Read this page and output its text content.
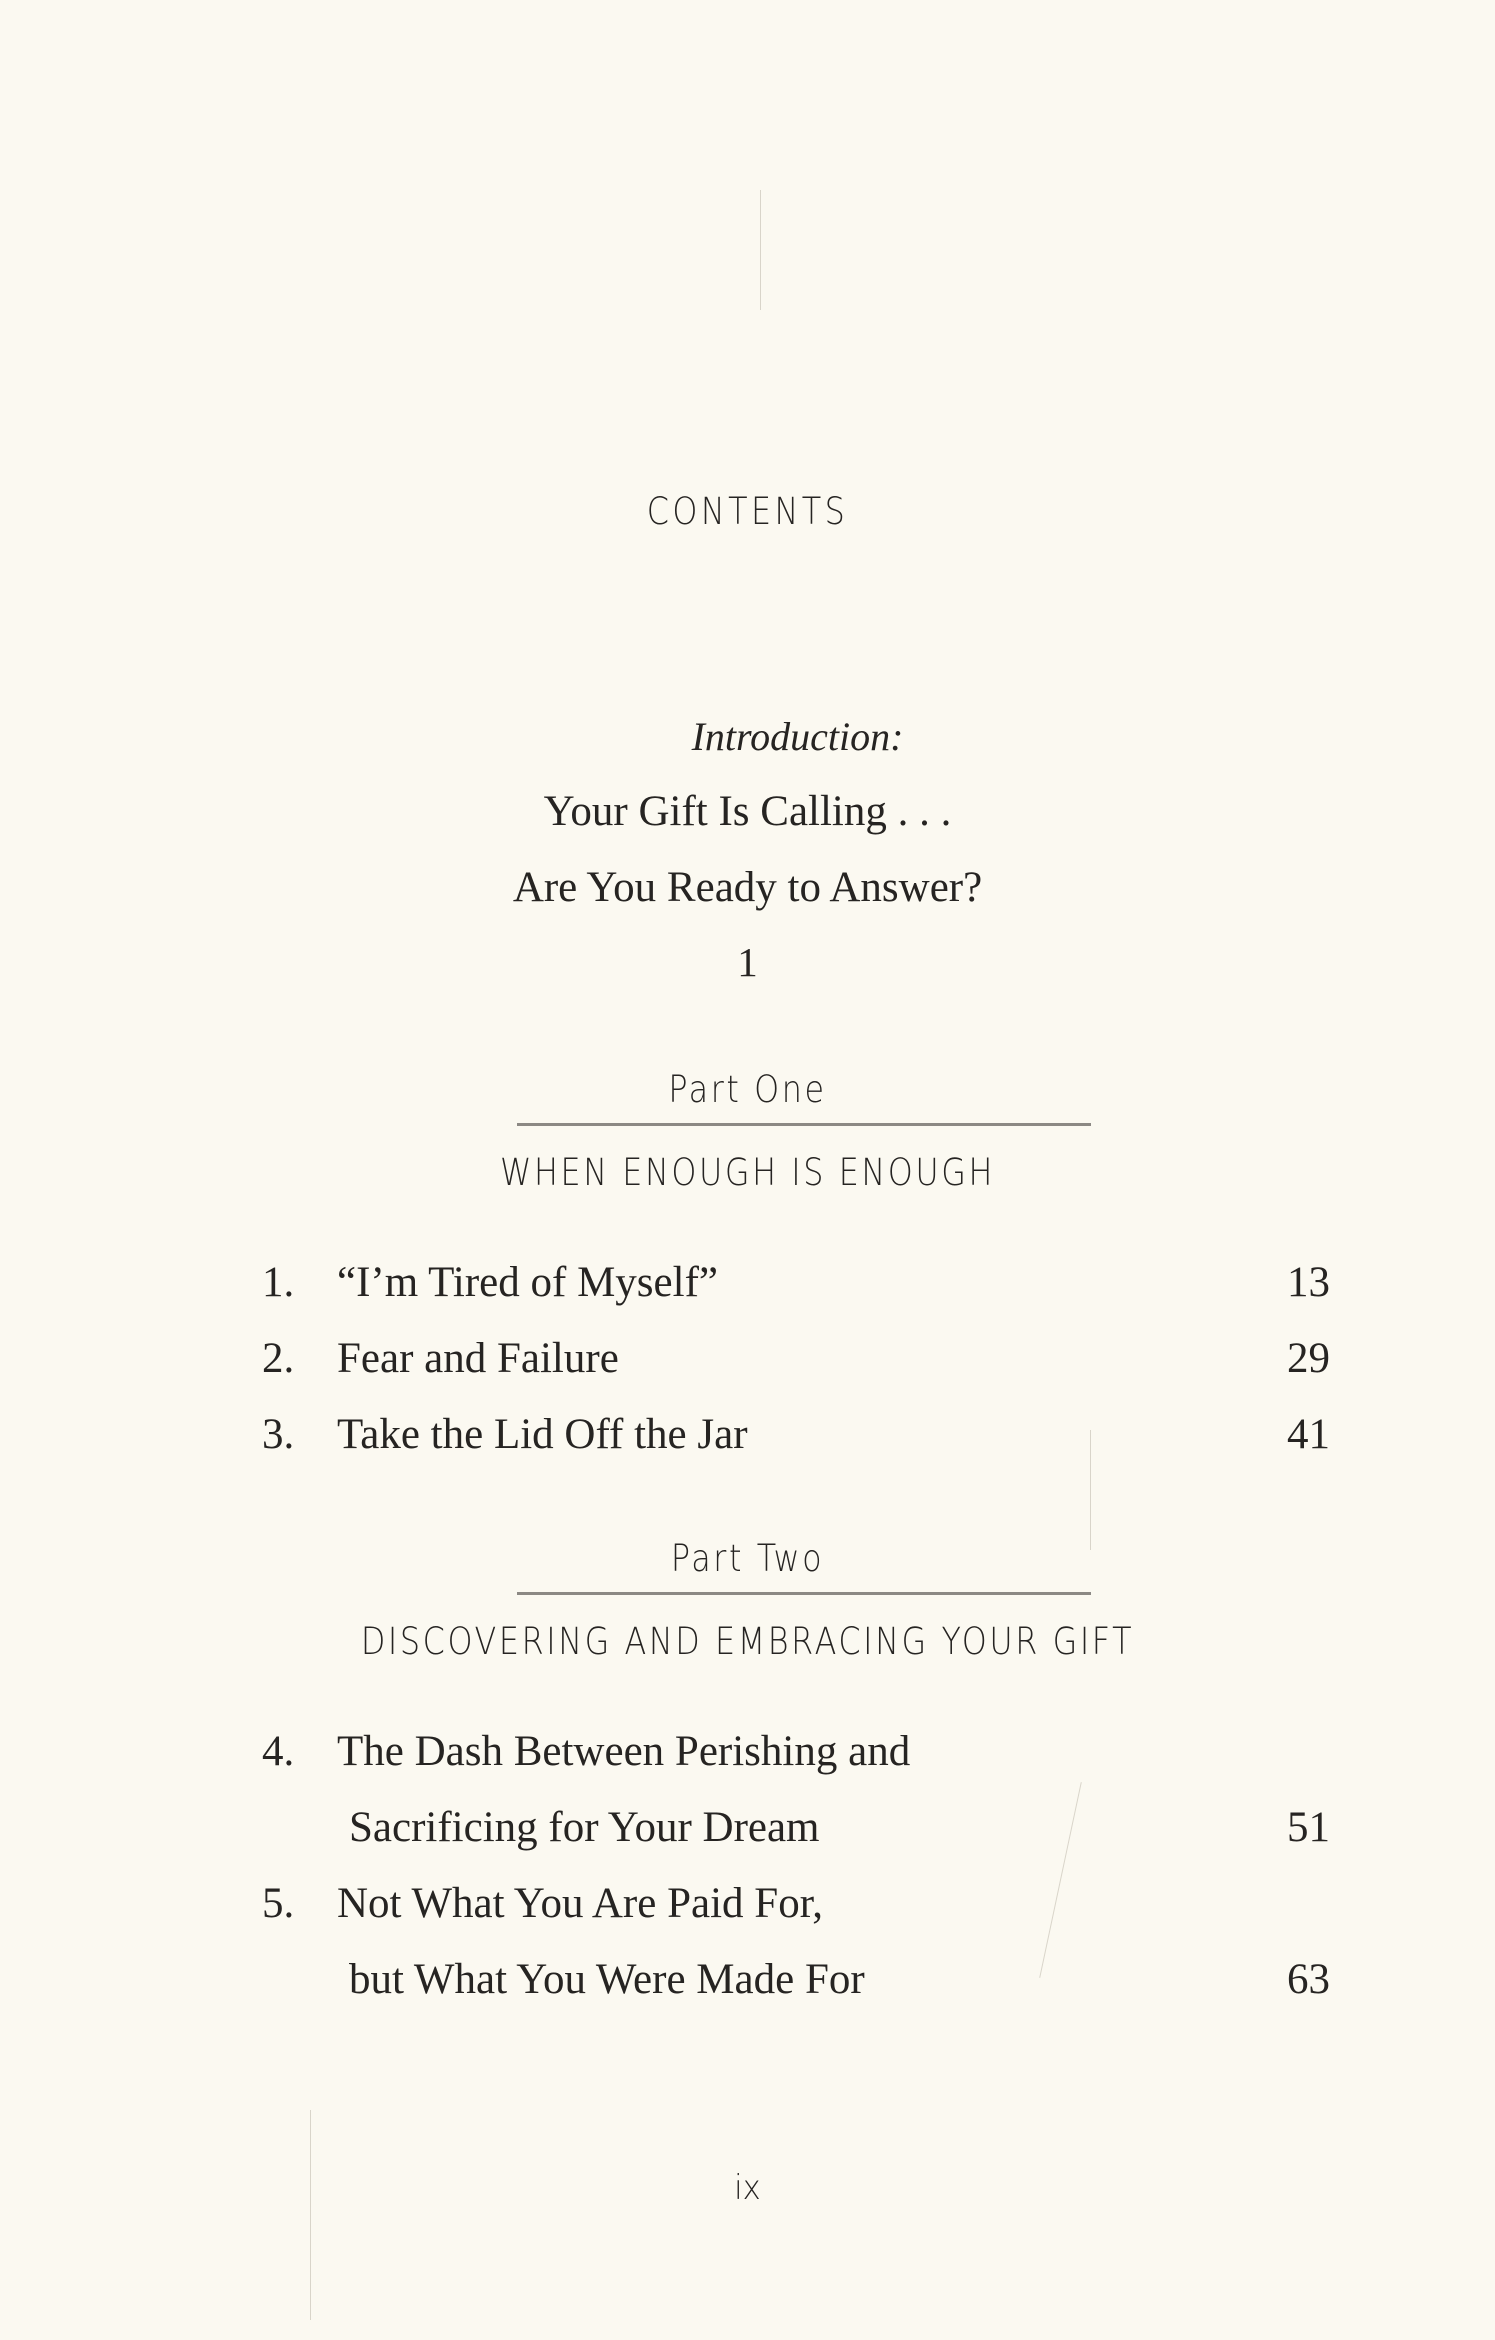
CONTENTS
Introduction:
Your Gift Is Calling . . .
Are You Ready to Answer?
1
Part One
WHEN ENOUGH IS ENOUGH
1. “I’m Tired of Myself”	13
2. Fear and Failure	29
3. Take the Lid Off the Jar	41
Part Two
DISCOVERING AND EMBRACING YOUR GIFT
4. The Dash Between Perishing and
Sacrificing for Your Dream	51
5. Not What You Are Paid For,
but What You Were Made For	63
ix
